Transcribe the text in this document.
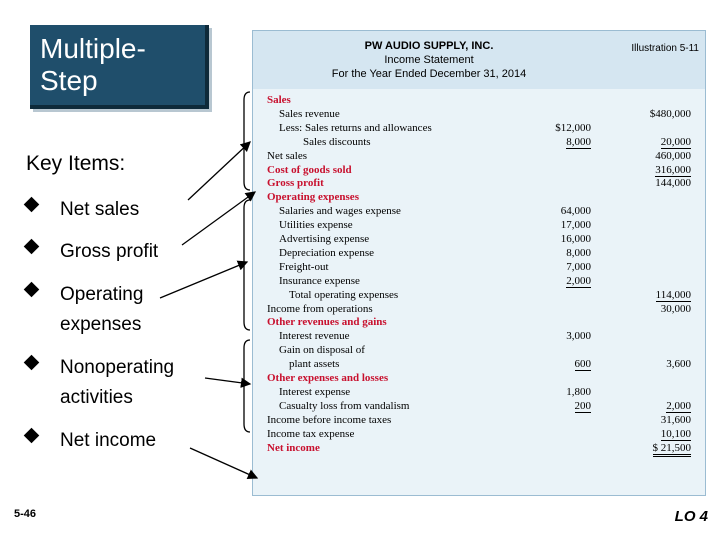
Multiple-Step
Key Items:
Net sales
Gross profit
Operating expenses
Nonoperating activities
Net income
PW AUDIO SUPPLY, INC.
Income Statement
For the Year Ended December 31, 2014
Illustration 5-11
Sales
Sales revenue	$480,000
Less: Sales returns and allowances	$12,000
Sales discounts	8,000	20,000
Net sales	460,000
Cost of goods sold	316,000
Gross profit	144,000
Operating expenses
Salaries and wages expense	64,000
Utilities expense	17,000
Advertising expense	16,000
Depreciation expense	8,000
Freight-out	7,000
Insurance expense	2,000
Total operating expenses	114,000
Income from operations	30,000
Other revenues and gains
Interest revenue	3,000
Gain on disposal of
plant assets	600	3,600
Other expenses and losses
Interest expense	1,800
Casualty loss from vandalism	200	2,000
Income before income taxes	31,600
Income tax expense	10,100
Net income	$ 21,500
5-46	LO 4
